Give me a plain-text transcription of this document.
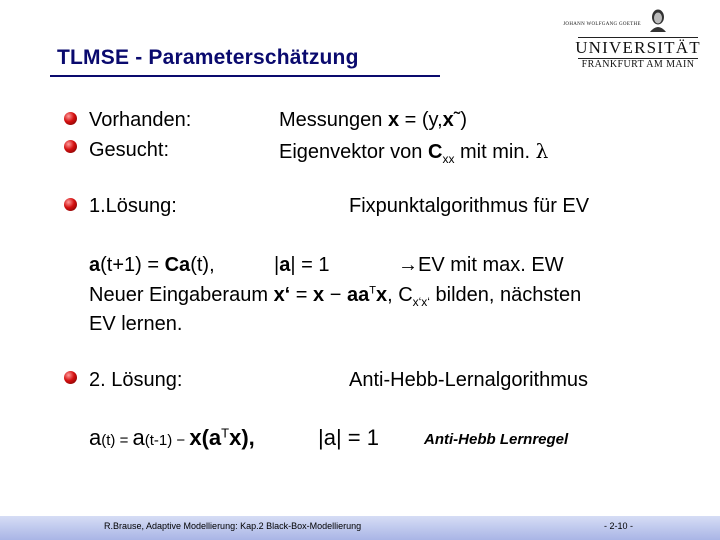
TLMSE - Parameterschätzung
JOHANN WOLFGANG GOETHE
UNIVERSITÄT
FRANKFURT AM MAIN
Vorhanden:	Messungen x = (y,x˜)
Gesucht:	Eigenvektor von $C_{xx}$ mit min. λ
1.Lösung:	Fixpunktalgorithmus für EV
a(t+1) = Ca(t),	|a| = 1	→EV mit max. EW
Neuer Eingaberaum x‘ = $x - aa^Tx$, $C_{x‘x‘}$ bilden, nächsten
EV lernen.
2. Lösung:	Anti-Hebb-Lernalgorithmus
$a(t) = a(t-1) - x(a^Tx)$,	|a| = 1	Anti-Hebb Lernregel
R.Brause, Adaptive Modellierung: Kap.2 Black-Box-Modellierung	- 2-10 -
